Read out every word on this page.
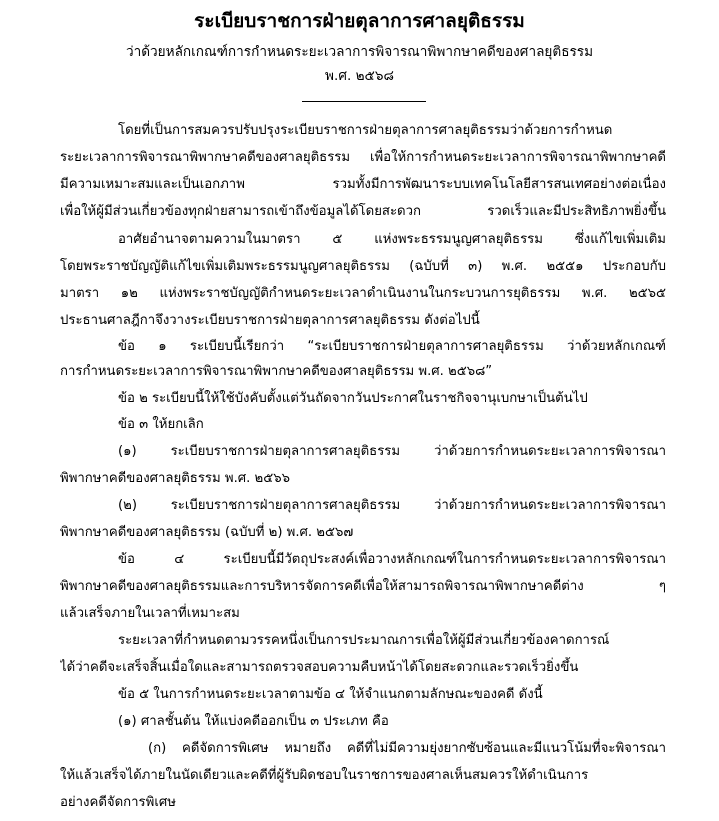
ระเบียบราชการฝ่ายตุลาการศาลยุติธรรม
ว่าด้วยหลักเกณฑ์การกำหนดระยะเวลาการพิจารณาพิพากษาคดีของศาลยุติธรรม
พ.ศ. ๒๕๖๘
โดยที่เป็นการสมควรปรับปรุงระเบียบราชการฝ่ายตุลาการศาลยุติธรรมว่าด้วยการกำหนด
ระยะเวลาการพิจารณาพิพากษาคดีของศาลยุติธรรม เพื่อให้การกำหนดระยะเวลาการพิจารณาพิพากษาคดี
มีความเหมาะสมและเป็นเอกภาพ รวมทั้งมีการพัฒนาระบบเทคโนโลยีสารสนเทศอย่างต่อเนื่อง
เพื่อให้ผู้มีส่วนเกี่ยวข้องทุกฝ่ายสามารถเข้าถึงข้อมูลได้โดยสะดวก รวดเร็วและมีประสิทธิภาพยิ่งขึ้น
อาศัยอำนาจตามความในมาตรา ๕ แห่งพระธรรมนูญศาลยุติธรรม ซึ่งแก้ไขเพิ่มเติม
โดยพระราชบัญญัติแก้ไขเพิ่มเติมพระธรรมนูญศาลยุติธรรม (ฉบับที่ ๓) พ.ศ. ๒๕๕๑ ประกอบกับ
มาตรา ๑๒ แห่งพระราชบัญญัติกำหนดระยะเวลาดำเนินงานในกระบวนการยุติธรรม พ.ศ. ๒๕๖๕
ประธานศาลฎีกาจึงวางระเบียบราชการฝ่ายตุลาการศาลยุติธรรม ดังต่อไปนี้
ข้อ ๑ ระเบียบนี้เรียกว่า “ระเบียบราชการฝ่ายตุลาการศาลยุติธรรม ว่าด้วยหลักเกณฑ์
การกำหนดระยะเวลาการพิจารณาพิพากษาคดีของศาลยุติธรรม พ.ศ. ๒๕๖๘”
ข้อ ๒ ระเบียบนี้ให้ใช้บังคับตั้งแต่วันถัดจากวันประกาศในราชกิจจานุเบกษาเป็นต้นไป
ข้อ ๓ ให้ยกเลิก
(๑) ระเบียบราชการฝ่ายตุลาการศาลยุติธรรม ว่าด้วยการกำหนดระยะเวลาการพิจารณา
พิพากษาคดีของศาลยุติธรรม พ.ศ. ๒๕๖๖
(๒) ระเบียบราชการฝ่ายตุลาการศาลยุติธรรม ว่าด้วยการกำหนดระยะเวลาการพิจารณา
พิพากษาคดีของศาลยุติธรรม (ฉบับที่ ๒) พ.ศ. ๒๕๖๗
ข้อ ๔ ระเบียบนี้มีวัตถุประสงค์เพื่อวางหลักเกณฑ์ในการกำหนดระยะเวลาการพิจารณา
พิพากษาคดีของศาลยุติธรรมและการบริหารจัดการคดีเพื่อให้สามารถพิจารณาพิพากษาคดีต่าง ๆ
แล้วเสร็จภายในเวลาที่เหมาะสม
ระยะเวลาที่กำหนดตามวรรคหนึ่งเป็นการประมาณการเพื่อให้ผู้มีส่วนเกี่ยวข้องคาดการณ์
ได้ว่าคดีจะเสร็จสิ้นเมื่อใดและสามารถตรวจสอบความคืบหน้าได้โดยสะดวกและรวดเร็วยิ่งขึ้น
ข้อ ๕ ในการกำหนดระยะเวลาตามข้อ ๔ ให้จำแนกตามลักษณะของคดี ดังนี้
(๑) ศาลชั้นต้น ให้แบ่งคดีออกเป็น ๓ ประเภท คือ
(ก) คดีจัดการพิเศษ หมายถึง คดีที่ไม่มีความยุ่งยากซับซ้อนและมีแนวโน้มที่จะพิจารณา
ให้แล้วเสร็จได้ภายในนัดเดียวและคดีที่ผู้รับผิดชอบในราชการของศาลเห็นสมควรให้ดำเนินการ
อย่างคดีจัดการพิเศษ
